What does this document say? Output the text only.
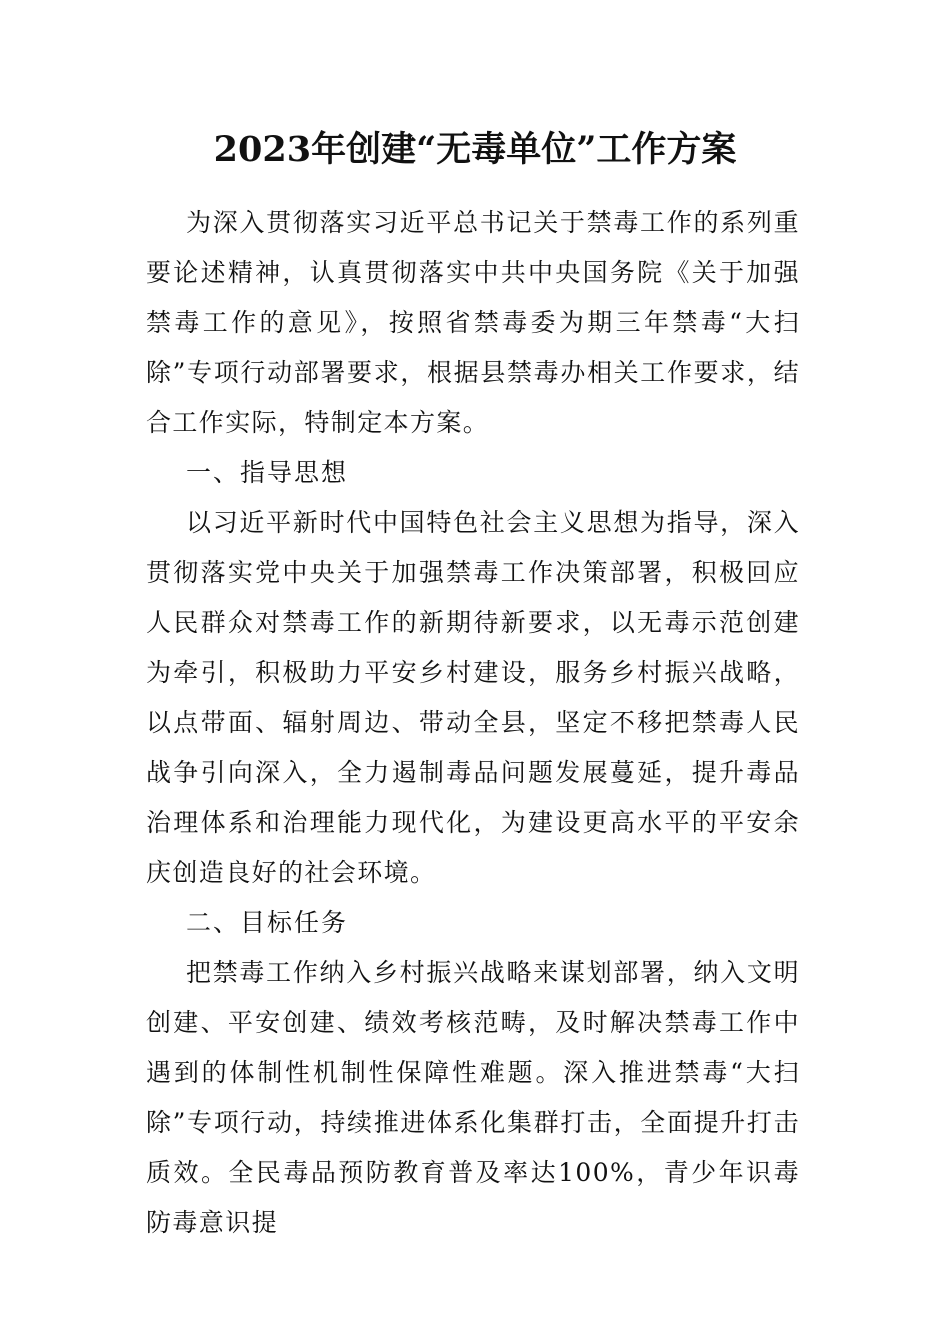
2023年创建“无毒单位”工作方案

为深入贯彻落实习近平总书记关于禁毒工作的系列重要论述精神，认真贯彻落实中共中央国务院《关于加强禁毒工作的意见》，按照省禁毒委为期三年禁毒“大扫除”专项行动部署要求，根据县禁毒办相关工作要求，结合工作实际，特制定本方案。

一、指导思想

以习近平新时代中国特色社会主义思想为指导，深入贯彻落实党中央关于加强禁毒工作决策部署，积极回应人民群众对禁毒工作的新期待新要求，以无毒示范创建为牵引，积极助力平安乡村建设，服务乡村振兴战略，以点带面、辐射周边、带动全县，坚定不移把禁毒人民战争引向深入，全力遏制毒品问题发展蔓延，提升毒品治理体系和治理能力现代化，为建设更高水平的平安余庆创造良好的社会环境。

二、目标任务

把禁毒工作纳入乡村振兴战略来谋划部署，纳入文明创建、平安创建、绩效考核范畴，及时解决禁毒工作中遇到的体制性机制性保障性难题。深入推进禁毒“大扫除”专项行动，持续推进体系化集群打击，全面提升打击质效。全民毒品预防教育普及率达100%，青少年识毒防毒意识提
